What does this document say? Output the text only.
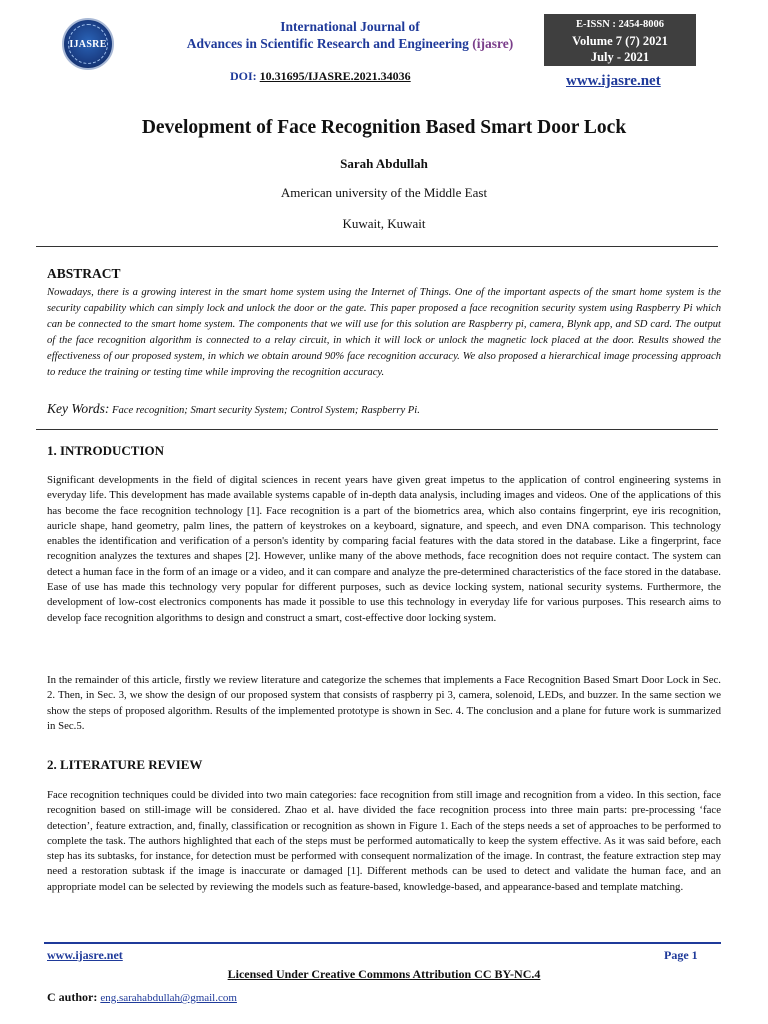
IJASRE
International Journal of
Advances in Scientific Research and Engineering (ijasre)
DOI: 10.31695/IJASRE.2021.34036
E-ISSN : 2454-8006
Volume 7 (7) 2021
July - 2021
www.ijasre.net
Development of Face Recognition Based Smart Door Lock
Sarah Abdullah
American university of the Middle East
Kuwait, Kuwait
ABSTRACT
Nowadays, there is a growing interest in the smart home system using the Internet of Things. One of the important aspects of the smart home system is the security capability which can simply lock and unlock the door or the gate. This paper proposed a face recognition security system using Raspberry Pi which can be connected to the smart home system. The components that we will use for this solution are Raspberry pi, camera, Blynk app, and SD card. The output of the face recognition algorithm is connected to a relay circuit, in which it will lock or unlock the magnetic lock placed at the door. Results showed the effectiveness of our proposed system, in which we obtain around 90% face recognition accuracy. We also proposed a hierarchical image processing approach to reduce the training or testing time while improving the recognition accuracy.
Key Words: Face recognition; Smart security System; Control System; Raspberry Pi.
1. INTRODUCTION
Significant developments in the field of digital sciences in recent years have given great impetus to the application of control engineering systems in everyday life. This development has made available systems capable of in-depth data analysis, including images and videos. One of the applications of this has become the face recognition technology [1]. Face recognition is a part of the biometrics area, which also contains fingerprint, eye iris recognition, auricle shape, hand geometry, palm lines, the pattern of keystrokes on a keyboard, signature, and speech, and even DNA comparison. This technology enables the identification and verification of a person's identity by comparing facial features with the data stored in the database. Like a fingerprint, face recognition analyzes the textures and shapes [2]. However, unlike many of the above methods, face recognition does not require contact. The system can detect a human face in the form of an image or a video, and it can compare and analyze the pre-determined characteristics of the face stored in the database. Ease of use has made this technology very popular for different purposes, such as device locking system, national security systems. Furthermore, the development of low-cost electronics components has made it possible to use this technology in everyday life for various purposes. This research aims to develop face recognition algorithms to design and construct a smart, cost-effective door locking system.
In the remainder of this article, firstly we review literature and categorize the schemes that implements a Face Recognition Based Smart Door Lock in Sec. 2. Then, in Sec. 3, we show the design of our proposed system that consists of raspberry pi 3, camera, solenoid, LEDs, and buzzer. In the same section we show the steps of proposed algorithm. Results of the implemented prototype is shown in Sec. 4. The conclusion and a plane for future work is summarized in Sec.5.
2. LITERATURE REVIEW
Face recognition techniques could be divided into two main categories: face recognition from still image and recognition from a video. In this section, face recognition based on still-image will be considered. Zhao et al. have divided the face recognition process into three main parts: pre-processing ‘face detection’, feature extraction, and, finally, classification or recognition as shown in Figure 1. Each of the steps needs a set of approaches to be performed to complete the task. The authors highlighted that each of the steps must be performed automatically to keep the system effective. As it was said before, each step has its subtasks, for instance, for detection must be performed with consequent normalization of the image. In contrast, the feature extraction step may need a restoration subtask if the image is inaccurate or damaged [1]. Different methods can be used to detect and validate the human face, and an appropriate model can be selected by reviewing the models such as feature-based, knowledge-based, and appearance-based and template matching.
www.ijasre.net	Page 1
Licensed Under Creative Commons Attribution CC BY-NC.4
C author: eng.sarahabdullah@gmail.com
